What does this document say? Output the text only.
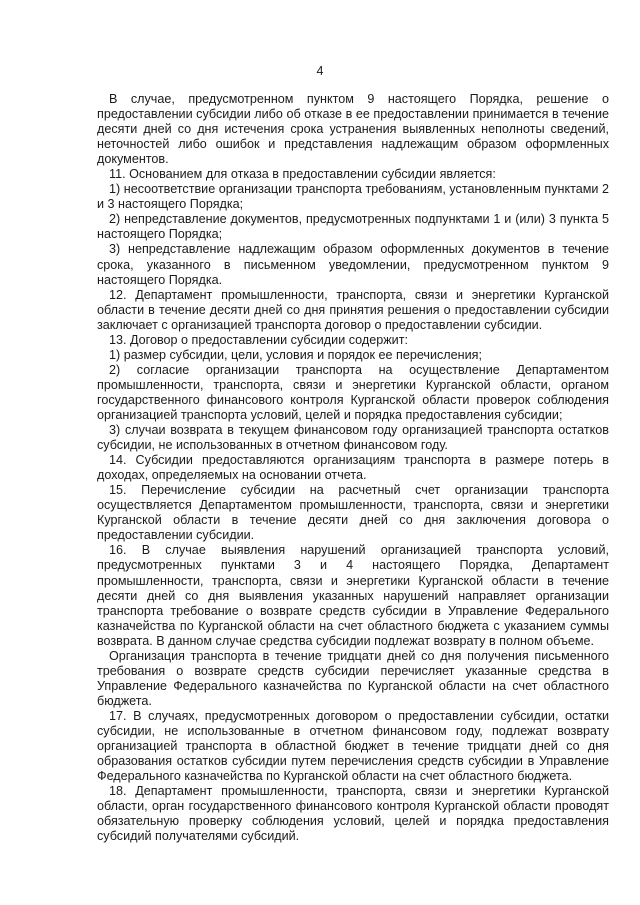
4

В случае, предусмотренном пунктом 9 настоящего Порядка, решение о предоставлении субсидии либо об отказе в ее предоставлении принимается в течение десяти дней со дня истечения срока устранения выявленных неполноты сведений, неточностей либо ошибок и представления надлежащим образом оформленных документов.

11. Основанием для отказа в предоставлении субсидии является:

1) несоответствие организации транспорта требованиям, установленным пунктами 2 и 3 настоящего Порядка;

2) непредставление документов, предусмотренных подпунктами 1 и (или) 3 пункта 5 настоящего Порядка;

3) непредставление надлежащим образом оформленных документов в течение срока, указанного в письменном уведомлении, предусмотренном пунктом 9 настоящего Порядка.

12. Департамент промышленности, транспорта, связи и энергетики Курганской области в течение десяти дней со дня принятия решения о предоставлении субсидии заключает с организацией транспорта договор о предоставлении субсидии.

13. Договор о предоставлении субсидии содержит:

1) размер субсидии, цели, условия и порядок ее перечисления;

2) согласие организации транспорта на осуществление Департаментом промышленности, транспорта, связи и энергетики Курганской области, органом государственного финансового контроля Курганской области проверок соблюдения организацией транспорта условий, целей и порядка предоставления субсидии;

3) случаи возврата в текущем финансовом году организацией транспорта остатков субсидии, не использованных в отчетном финансовом году.

14. Субсидии предоставляются организациям транспорта в размере потерь в доходах, определяемых на основании отчета.

15. Перечисление субсидии на расчетный счет организации транспорта осуществляется Департаментом промышленности, транспорта, связи и энергетики Курганской области в течение десяти дней со дня заключения договора о предоставлении субсидии.

16. В случае выявления нарушений организацией транспорта условий, предусмотренных пунктами 3 и 4 настоящего Порядка, Департамент промышленности, транспорта, связи и энергетики Курганской области в течение десяти дней со дня выявления указанных нарушений направляет организации транспорта требование о возврате средств субсидии в Управление Федерального казначейства по Курганской области на счет областного бюджета с указанием суммы возврата. В данном случае средства субсидии подлежат возврату в полном объеме.

Организация транспорта в течение тридцати дней со дня получения письменного требования о возврате средств субсидии перечисляет указанные средства в Управление Федерального казначейства по Курганской области на счет областного бюджета.

17. В случаях, предусмотренных договором о предоставлении субсидии, остатки субсидии, не использованные в отчетном финансовом году, подлежат возврату организацией транспорта в областной бюджет в течение тридцати дней со дня образования остатков субсидии путем перечисления средств субсидии в Управление Федерального казначейства по Курганской области на счет областного бюджета.

18. Департамент промышленности, транспорта, связи и энергетики Курганской области, орган государственного финансового контроля Курганской области проводят обязательную проверку соблюдения условий, целей и порядка предоставления субсидий получателями субсидий.
